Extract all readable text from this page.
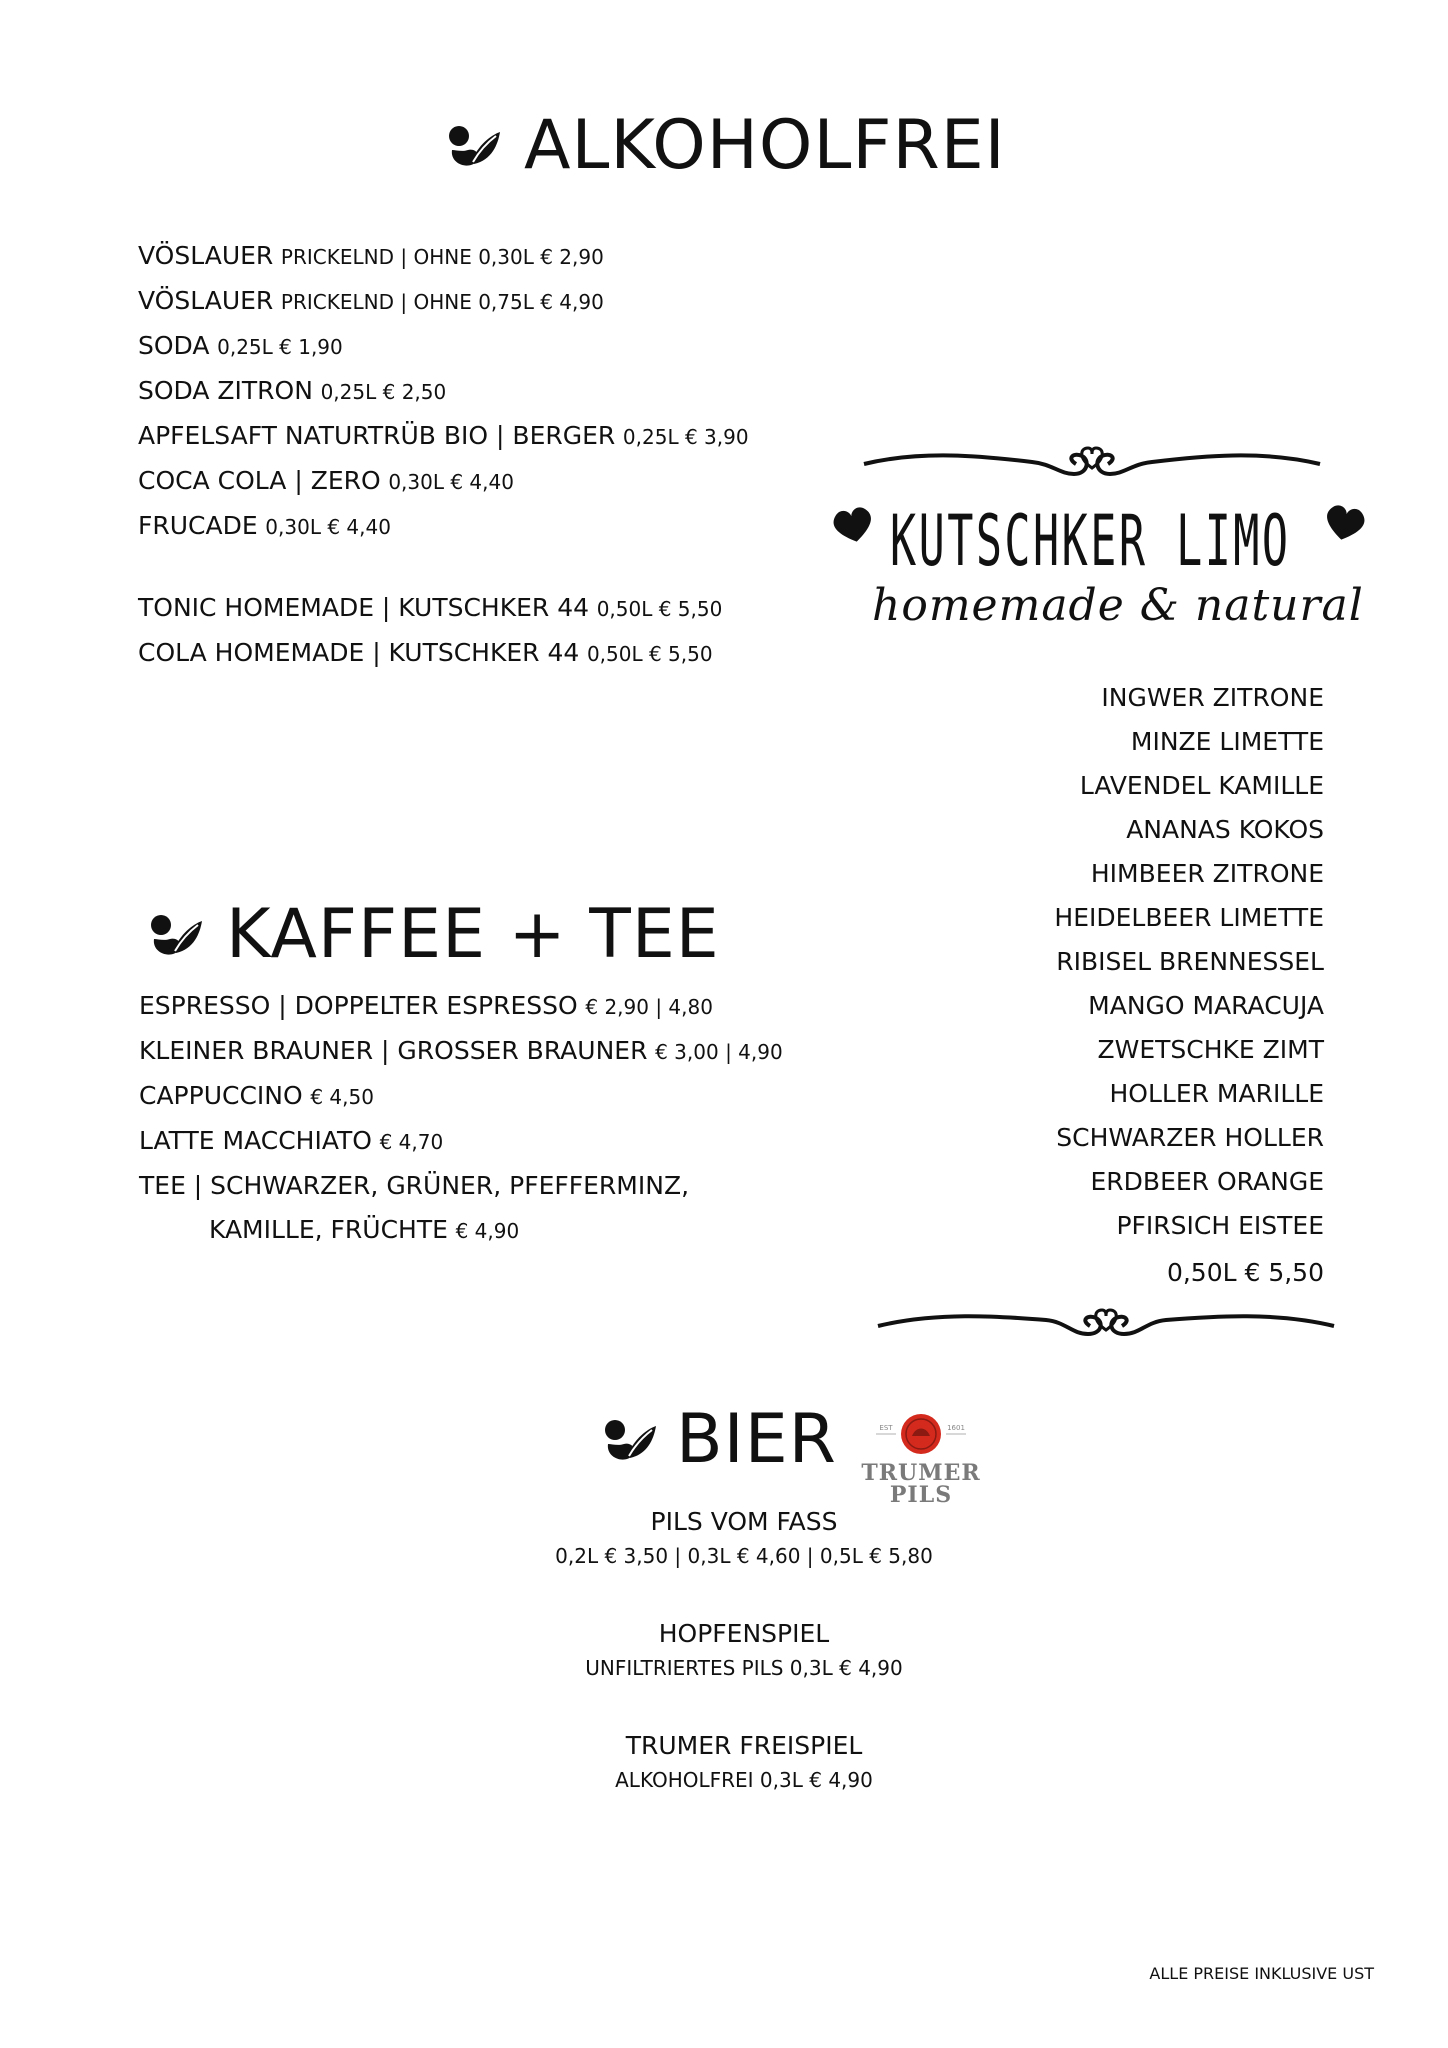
ALKOHOLFREI
VÖSLAUER PRICKELND | OHNE 0,30L € 2,90
VÖSLAUER PRICKELND | OHNE 0,75L € 4,90
SODA 0,25L € 1,90
SODA ZITRON 0,25L € 2,50
APFELSAFT NATURTRÜB BIO | BERGER 0,25L € 3,90
COCA COLA | ZERO 0,30L € 4,40
FRUCADE 0,30L € 4,40
TONIC HOMEMADE | KUTSCHKER 44 0,50L € 5,50
COLA HOMEMADE | KUTSCHKER 44 0,50L € 5,50
KUTSCHKER LIMO
homemade & natural
INGWER ZITRONE
MINZE LIMETTE
LAVENDEL KAMILLE
ANANAS KOKOS
HIMBEER ZITRONE
HEIDELBEER LIMETTE
RIBISEL BRENNESSEL
MANGO MARACUJA
ZWETSCHKE ZIMT
HOLLER MARILLE
SCHWARZER HOLLER
ERDBEER ORANGE
PFIRSICH EISTEE
0,50L € 5,50
KAFFEE + TEE
ESPRESSO | DOPPELTER ESPRESSO € 2,90 | 4,80
KLEINER BRAUNER | GROSSER BRAUNER € 3,00 | 4,90
CAPPUCCINO € 4,50
LATTE MACCHIATO € 4,70
TEE | SCHWARZER, GRÜNER, PFEFFERMINZ,
KAMILLE, FRÜCHTE € 4,90
BIER	EST	1601
TRUMER
PILS
PILS VOM FASS
0,2L € 3,50 | 0,3L € 4,60 | 0,5L € 5,80
HOPFENSPIEL
UNFILTRIERTES PILS 0,3L € 4,90
TRUMER FREISPIEL
ALKOHOLFREI 0,3L € 4,90
ALLE PREISE INKLUSIVE UST
